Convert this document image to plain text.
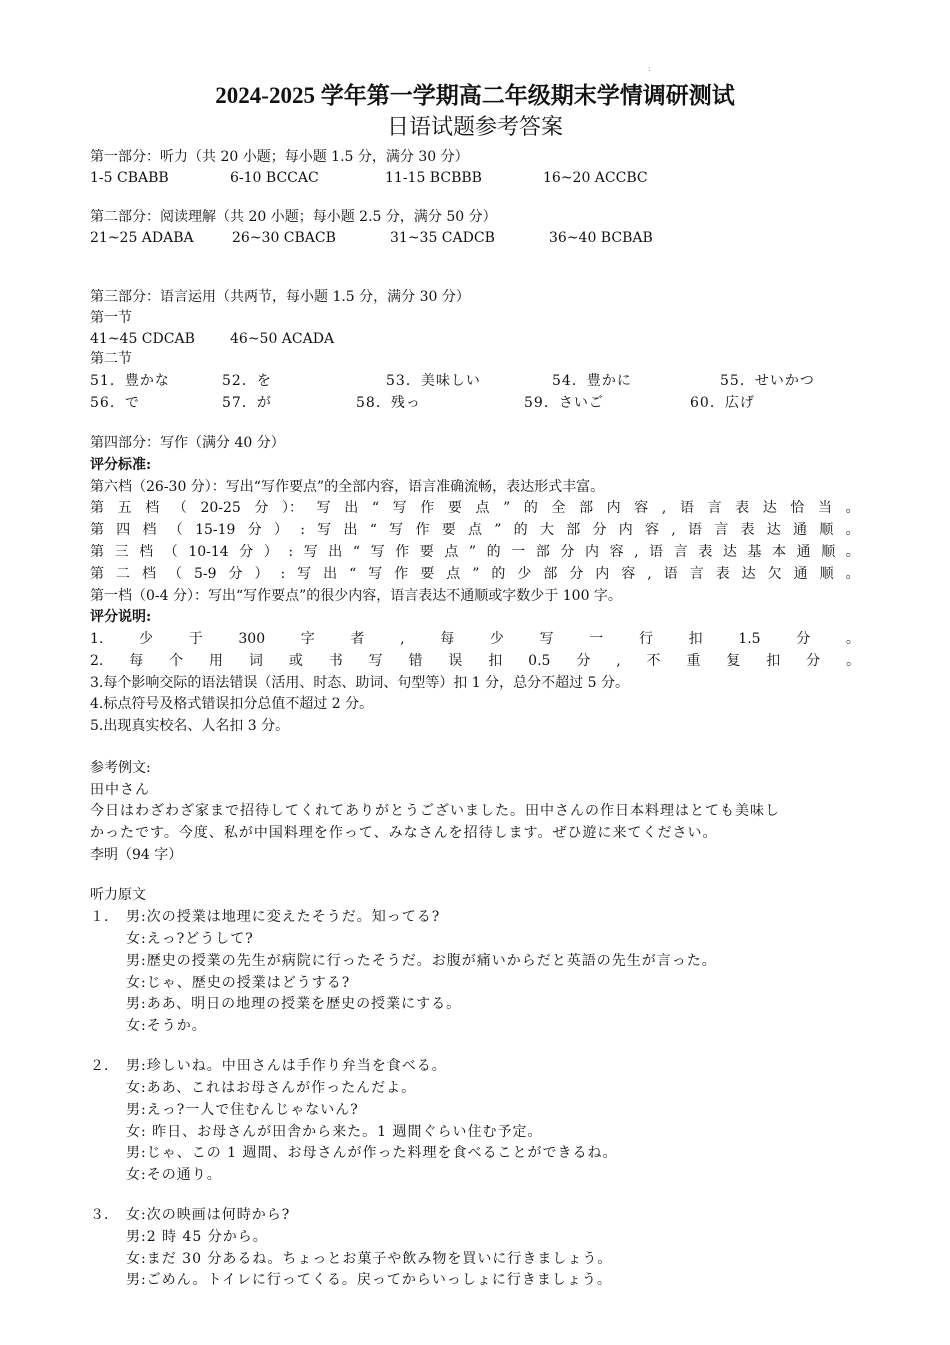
:
2024-2025 学年第一学期高二年级期末学情调研测试
日语试题参考答案
第一部分：听力（共 20 小题；每小题 1.5 分，满分 30 分）
1-5 CBABB	6-10 BCCAC	11-15 BCBBB	16~20 ACCBC
第二部分：阅读理解（共 20 小题；每小题 2.5 分，满分 50 分）
21~25 ADABA	26~30 CBACB	31~35 CADCB	36~40 BCBAB
第三部分：语言运用（共两节，每小题 1.5 分，满分 30 分）
第一节
41~45 CDCAB	46~50 ACADA
第二节
51．豊かな	52．を	53．美味しい	54．豊かに	55．せいかつ
56．で	57．が	58．残っ	59．さいご	60．広げ
第四部分：写作（满分 40 分）
评分标准:
第六档（26-30 分）：写出“写作要点”的全部内容，语言准确流畅，表达形式丰富。
第 五 档 （ 20-25 分 ）： 写 出 “ 写 作 要 点 ” 的 全 部 内 容 , 语 言 表 达 恰 当 。
第 四 档 （ 15-19 分 ） : 写 出 “ 写 作 要 点 ” 的 大 部 分 内 容 , 语 言 表 达 通 顺 。
第 三 档 （ 10-14 分 ） : 写 出 “ 写 作 要 点 ” 的 一 部 分 内 容 , 语 言 表 达 基 本 通 顺 。
第 二 档 （ 5-9 分 ） : 写 出 “ 写 作 要 点 ” 的 少 部 分 内 容 , 语 言 表 达 欠 通 顺 。
第一档（0-4 分）：写出“写作要点”的很少内容，语言表达不通顺或字数少于 100 字。
评分说明:
1.	少	于	300	字	者	,	每	少	写	一	行	扣	1.5	分	。
2. 每 个 用 词 或 书 写 错 误 扣 0.5 分 , 不 重 复 扣 分 。
3.每个影响交际的语法错误（活用、时态、助词、句型等）扣 1 分，总分不超过 5 分。
4.标点符号及格式错误扣分总值不超过 2 分。
5.出现真实校名、人名扣 3 分。
参考例文:
田中さん
今日はわざわざ家まで招待してくれてありがとうございました。田中さんの作日本料理はとても美味し
かったです。今度、私が中国料理を作って、みなさんを招待します。ぜひ遊に来てください。
李明（94 字）
听力原文
１． 男:次の授業は地理に変えたそうだ。知ってる?
女:えっ?どうして?
男:歴史の授業の先生が病院に行ったそうだ。お腹が痛いからだと英語の先生が言った。
女:じゃ、歴史の授業はどうする?
男:ああ、明日の地理の授業を歴史の授業にする。
女:そうか。
２． 男:珍しいね。中田さんは手作り弁当を食べる。
女:ああ、これはお母さんが作ったんだよ。
男:えっ?一人で住むんじゃないん?
女: 昨日、お母さんが田舎から来た。1 週間ぐらい住む予定。
男:じゃ、この 1 週間、お母さんが作った料理を食べることができるね。
女:その通り。
３． 女:次の映画は何時から?
男:2 時 45 分から。
女:まだ 30 分あるね。ちょっとお菓子や飲み物を買いに行きましょう。
男:ごめん。トイレに行ってくる。戻ってからいっしょに行きましょう。
